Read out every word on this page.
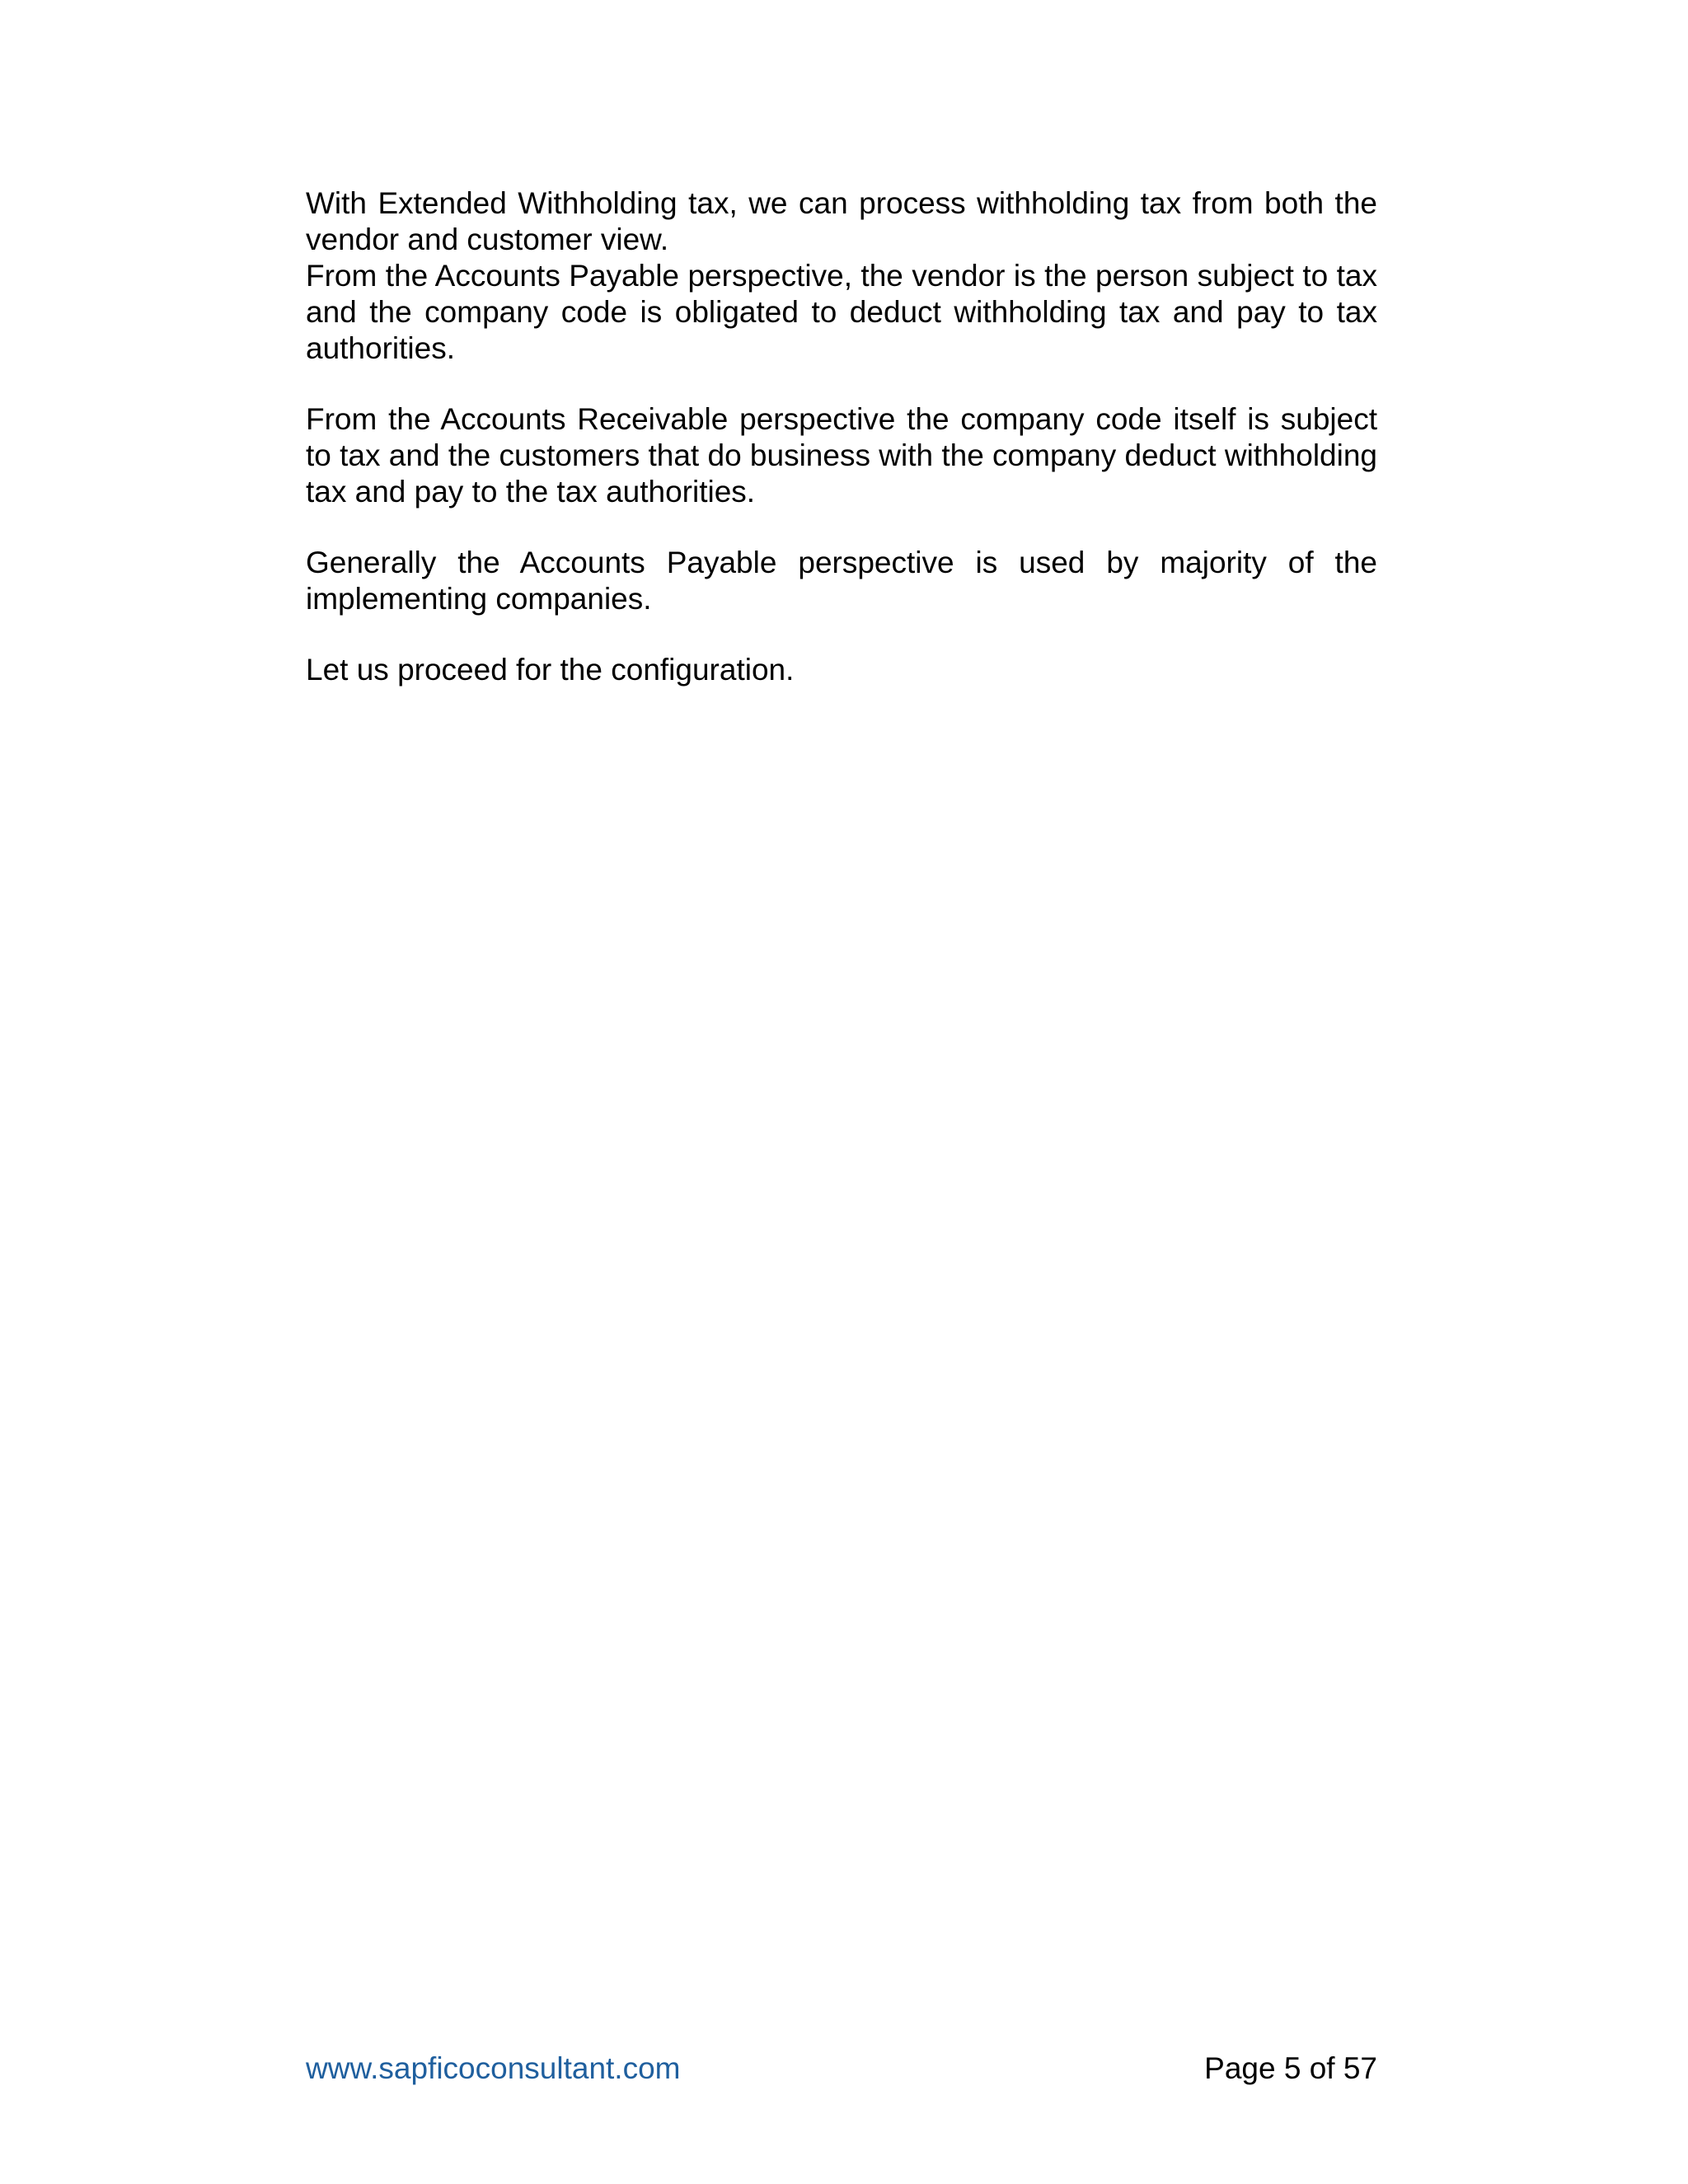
With Extended Withholding tax, we can process withholding tax from both the vendor and customer view.

From the Accounts Payable perspective, the vendor is the person subject to tax and the company code is obligated to deduct withholding tax and pay to tax authorities.

From the Accounts Receivable perspective the company code itself is subject to tax and the customers that do business with the company deduct withholding tax and pay to the tax authorities.

Generally the Accounts Payable perspective is used by majority of the implementing companies.

Let us proceed for the configuration.

www.sapficoconsultant.com	Page 5 of 57
